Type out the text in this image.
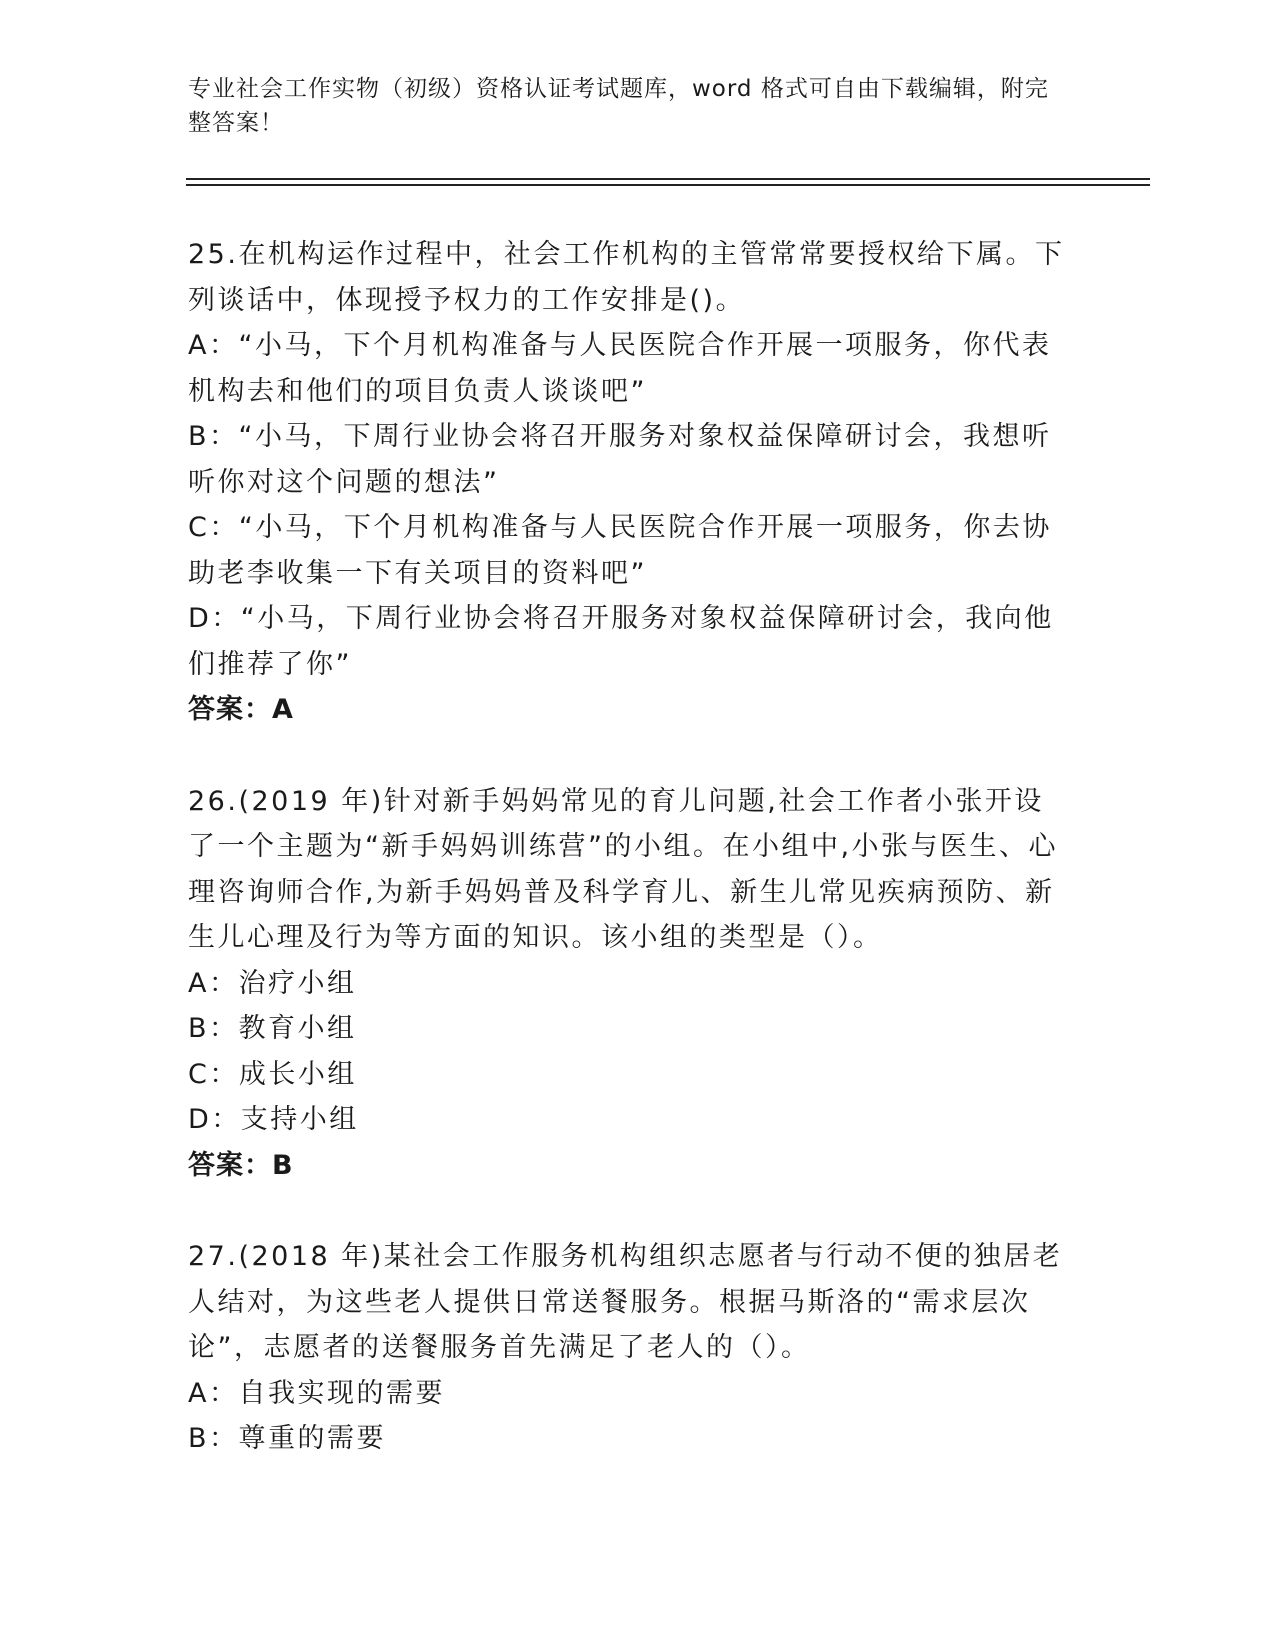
专业社会工作实物（初级）资格认证考试题库，word 格式可自由下载编辑，附完整答案！

25.在机构运作过程中，社会工作机构的主管常常要授权给下属。下列谈话中，体现授予权力的工作安排是()。

A：“小马，下个月机构准备与人民医院合作开展一项服务，你代表机构去和他们的项目负责人谈谈吧”

B：“小马，下周行业协会将召开服务对象权益保障研讨会，我想听听你对这个问题的想法”

C：“小马，下个月机构准备与人民医院合作开展一项服务，你去协助老李收集一下有关项目的资料吧”

D：“小马，下周行业协会将召开服务对象权益保障研讨会，我向他们推荐了你”

答案：A

26.(2019 年)针对新手妈妈常见的育儿问题,社会工作者小张开设了一个主题为“新手妈妈训练营”的小组。在小组中,小张与医生、心理咨询师合作,为新手妈妈普及科学育儿、新生儿常见疾病预防、新生儿心理及行为等方面的知识。该小组的类型是（）。

A：治疗小组

B：教育小组

C：成长小组

D：支持小组

答案：B

27.(2018 年)某社会工作服务机构组织志愿者与行动不便的独居老人结对，为这些老人提供日常送餐服务。根据马斯洛的“需求层次论”，志愿者的送餐服务首先满足了老人的（）。

A：自我实现的需要

B：尊重的需要
